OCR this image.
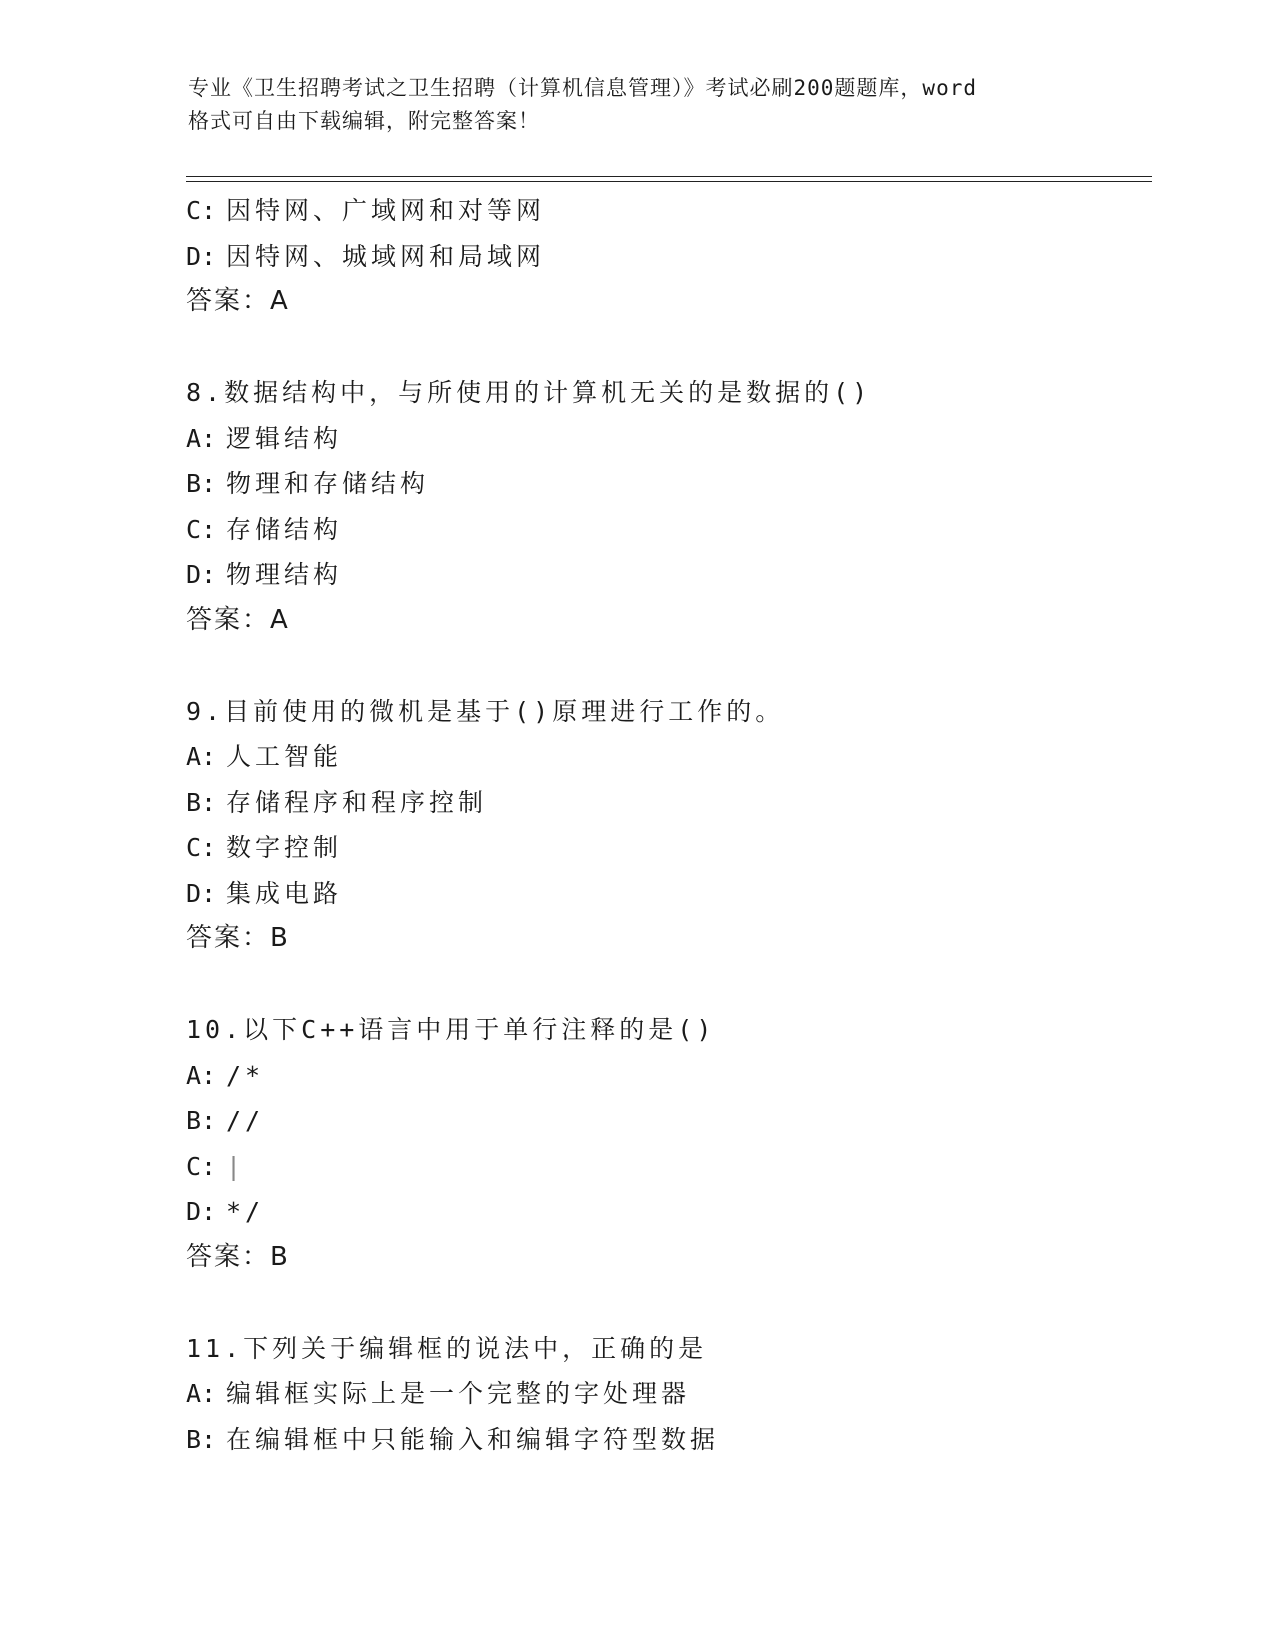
专业《卫生招聘考试之卫生招聘（计算机信息管理）》考试必刷200题题库，word
格式可自由下载编辑，附完整答案！
C: 因特网、广域网和对等网
D: 因特网、城域网和局域网
答案：A
8.数据结构中，与所使用的计算机无关的是数据的()
A: 逻辑结构
B: 物理和存储结构
C: 存储结构
D: 物理结构
答案：A
9.目前使用的微机是基于()原理进行工作的。
A: 人工智能
B: 存储程序和程序控制
C: 数字控制
D: 集成电路
答案：B
10.以下C++语言中用于单行注释的是()
A: /*
B: //
C: |
D: */
答案：B
11.下列关于编辑框的说法中，正确的是
A: 编辑框实际上是一个完整的字处理器
B: 在编辑框中只能输入和编辑字符型数据
